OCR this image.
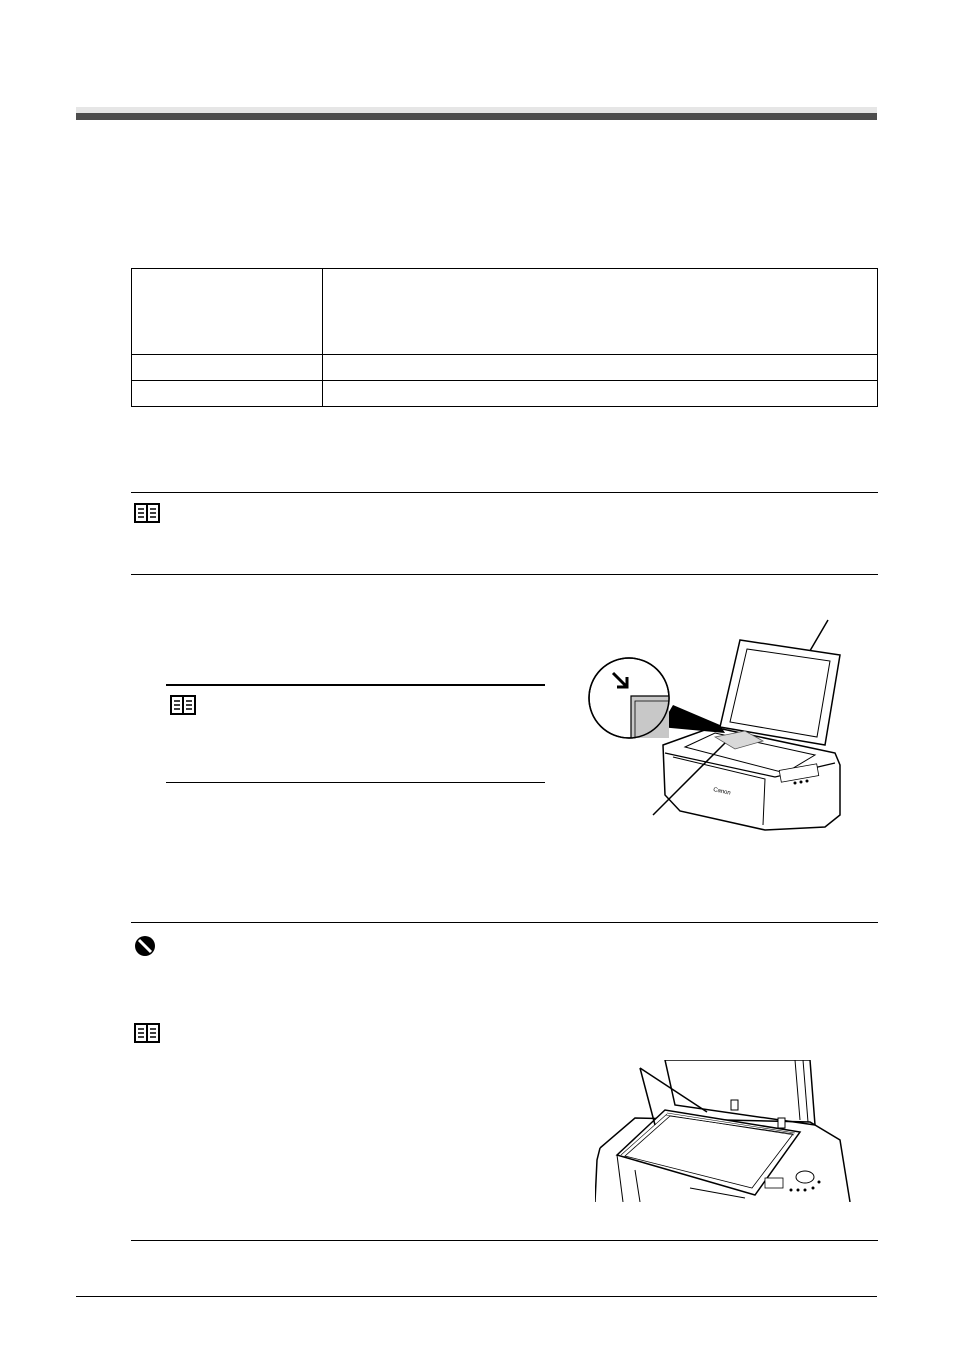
Canon
